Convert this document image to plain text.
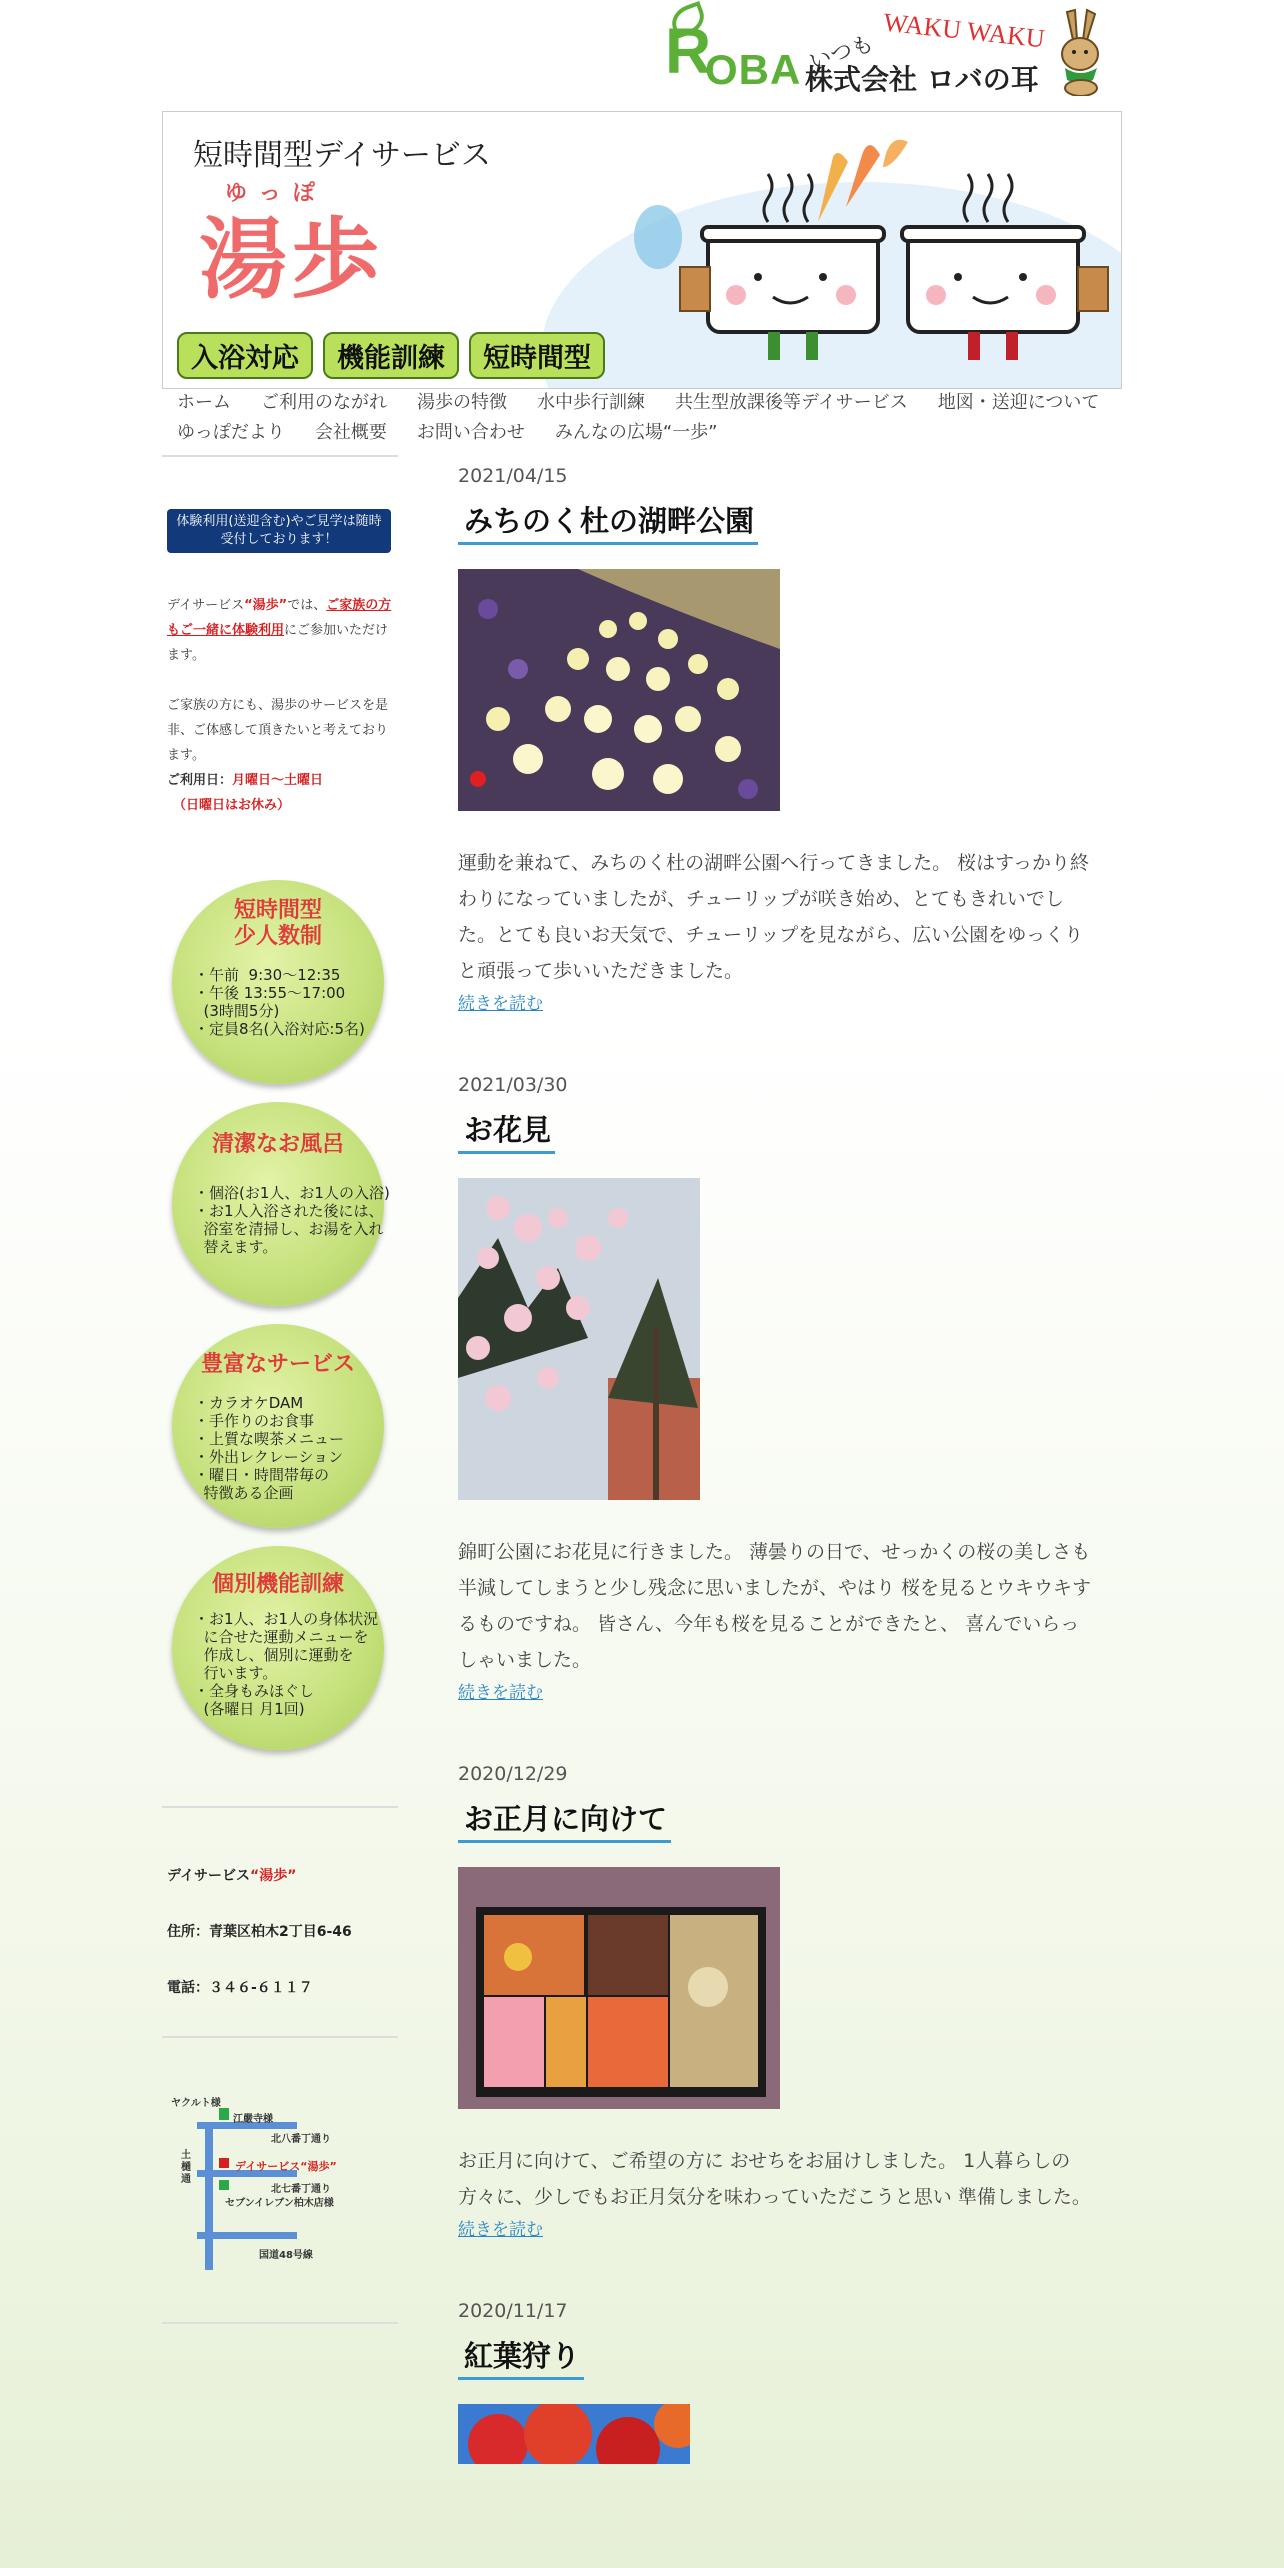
R
OBA いつも
WAKU WAKU
株式会社 ロバの耳
短時間型デイサービス
ゆっぽ
湯歩
入浴対応	機能訓練	短時間型
ホーム	ご利用のながれ	湯歩の特徴	水中歩行訓練	共生型放課後等デイサービス	地図・送迎について
ゆっぽだより	会社概要	お問い合わせ	みんなの広場“一歩”
体験利用(送迎含む)やご見学は随時受付しております！
デイサービス“湯歩”では、ご家族の方もご一緒に体験利用にご参加いただけます。

ご家族の方にも、湯歩のサービスを是非、ご体感して頂きたいと考えております。
ご利用日：月曜日～土曜日
（日曜日はお休み）
短時間型
少人数制
・午前  9:30～12:35
・午後 13:55～17:00
(3時間5分)
・定員8名(入浴対応:5名)
清潔なお風呂
・個浴(お1人、お1人の入浴)
・お1人入浴された後には、
浴室を清掃し、お湯を入れ
替えます。
豊富なサービス
・カラオケDAM
・手作りのお食事
・上質な喫茶メニュー
・外出レクレーション
・曜日・時間帯毎の
特徴ある企画
個別機能訓練
・お1人、お1人の身体状況
に合せた運動メニューを
作成し、個別に運動を
行います。
・全身もみほぐし
(各曜日 月1回)
デイサービス“湯歩”
住所：青葉区柏木2丁目6-46
電話：３４６-６１１７
ヤクルト様
江嚴寺様
北八番丁通り
土樋通
デイサービス“湯歩”
北七番丁通り
セブンイレブン柏木店様
国道48号線
2021/04/15
みちのく杜の湖畔公園
運動を兼ねて、みちのく杜の湖畔公園へ行ってきました。 桜はすっかり終わりになっていましたが、チューリップが咲き始め、とてもきれいでした。とても良いお天気で、チューリップを見ながら、広い公園をゆっくりと頑張って歩いいただきました。
続きを読む
2021/03/30
お花見
錦町公園にお花見に行きました。 薄曇りの日で、せっかくの桜の美しさも半減してしまうと少し残念に思いましたが、やはり 桜を見るとウキウキするものですね。 皆さん、今年も桜を見ることができたと、 喜んでいらっしゃいました。
続きを読む
2020/12/29
お正月に向けて
お正月に向けて、ご希望の方に おせちをお届けしました。 1人暮らしの方々に、少しでもお正月気分を味わっていただこうと思い 準備しました。
続きを読む
2020/11/17
紅葉狩り
